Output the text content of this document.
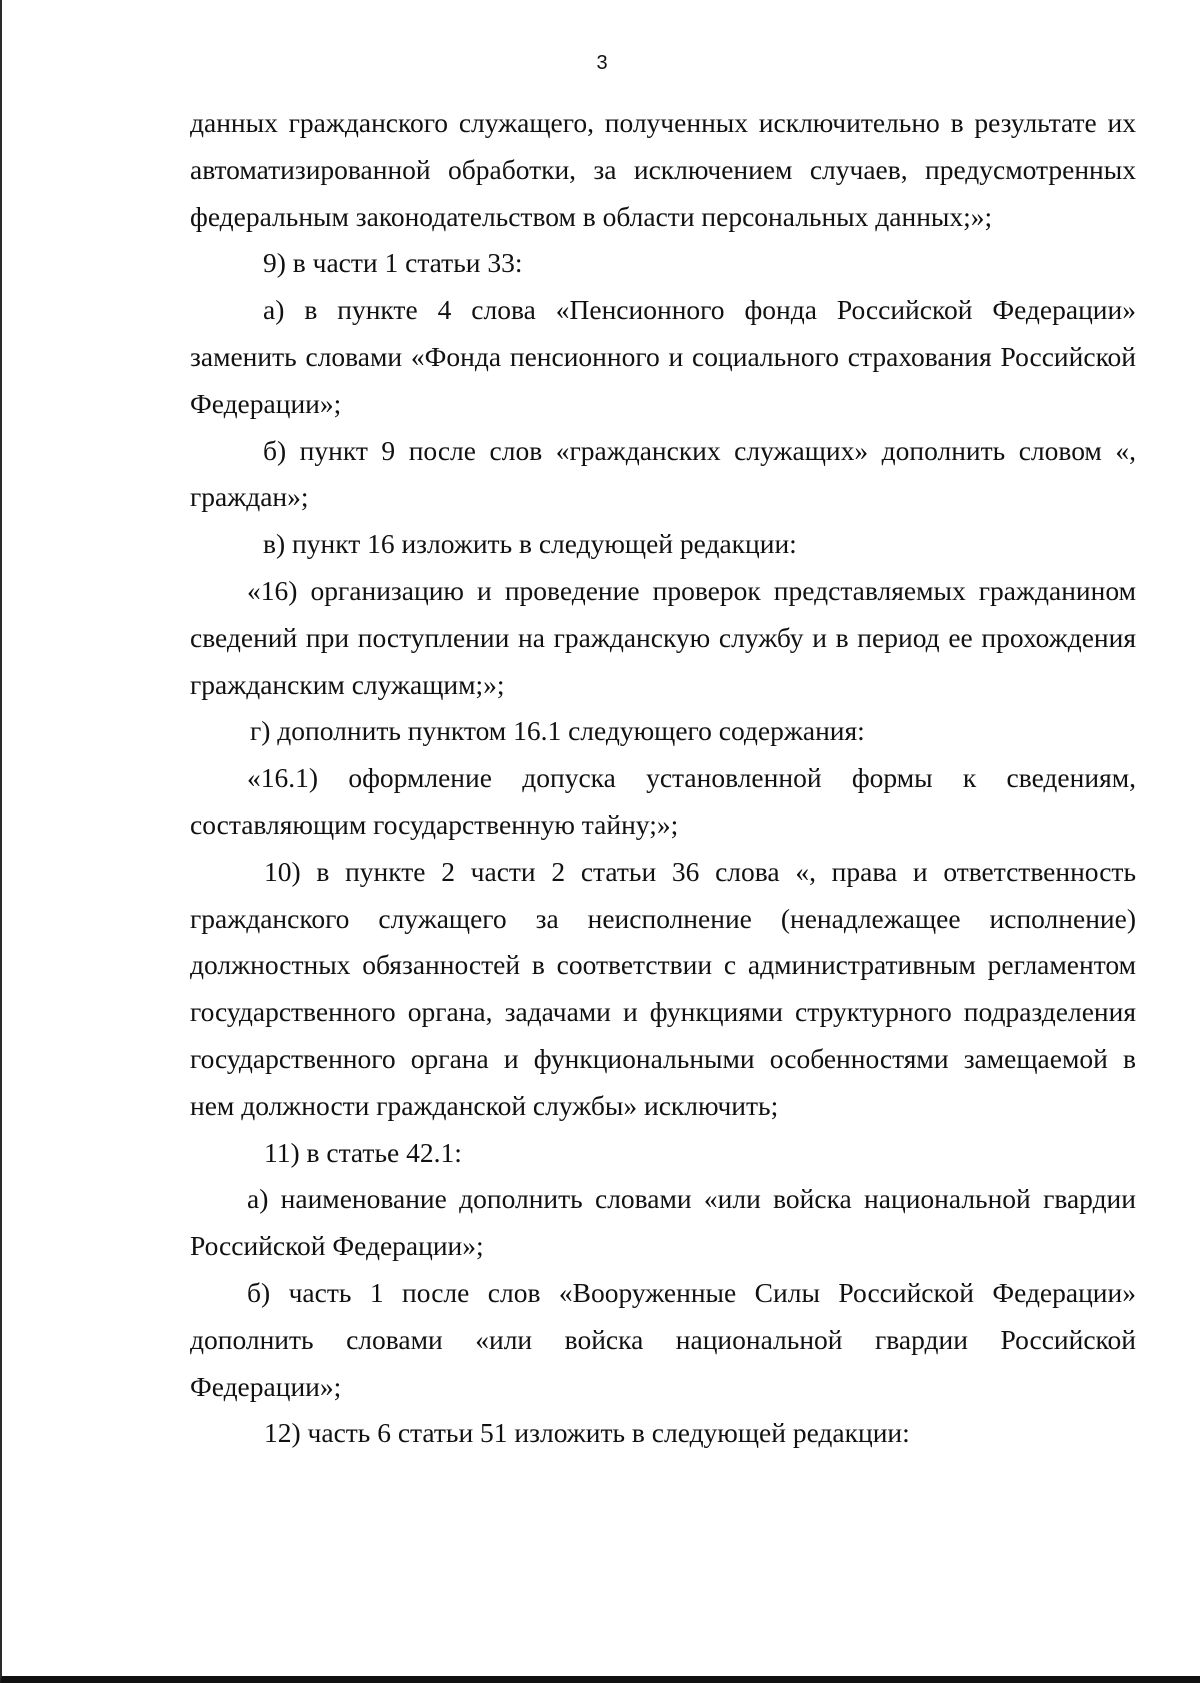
3

данных гражданского служащего, полученных исключительно в результате их автоматизированной обработки, за исключением случаев, предусмотренных федеральным законодательством в области персональных данных;»;

9) в части 1 статьи 33:

а) в пункте 4 слова «Пенсионного фонда Российской Федерации» заменить словами «Фонда пенсионного и социального страхования Российской Федерации»;

б) пункт 9 после слов «гражданских служащих» дополнить словом «, граждан»;

в) пункт 16 изложить в следующей редакции:

«16) организацию и проведение проверок представляемых гражданином сведений при поступлении на гражданскую службу и в период ее прохождения гражданским служащим;»;

г) дополнить пунктом 16.1 следующего содержания:

«16.1) оформление допуска установленной формы к сведениям, составляющим государственную тайну;»;

10) в пункте 2 части 2 статьи 36 слова «, права и ответственность гражданского служащего за неисполнение (ненадлежащее исполнение) должностных обязанностей в соответствии с административным регламентом государственного органа, задачами и функциями структурного подразделения государственного органа и функциональными особенностями замещаемой в нем должности гражданской службы» исключить;

11) в статье 42.1:

а) наименование дополнить словами «или войска национальной гвардии Российской Федерации»;

б) часть 1 после слов «Вооруженные Силы Российской Федерации» дополнить словами «или войска национальной гвардии Российской Федерации»;

12) часть 6 статьи 51 изложить в следующей редакции:
